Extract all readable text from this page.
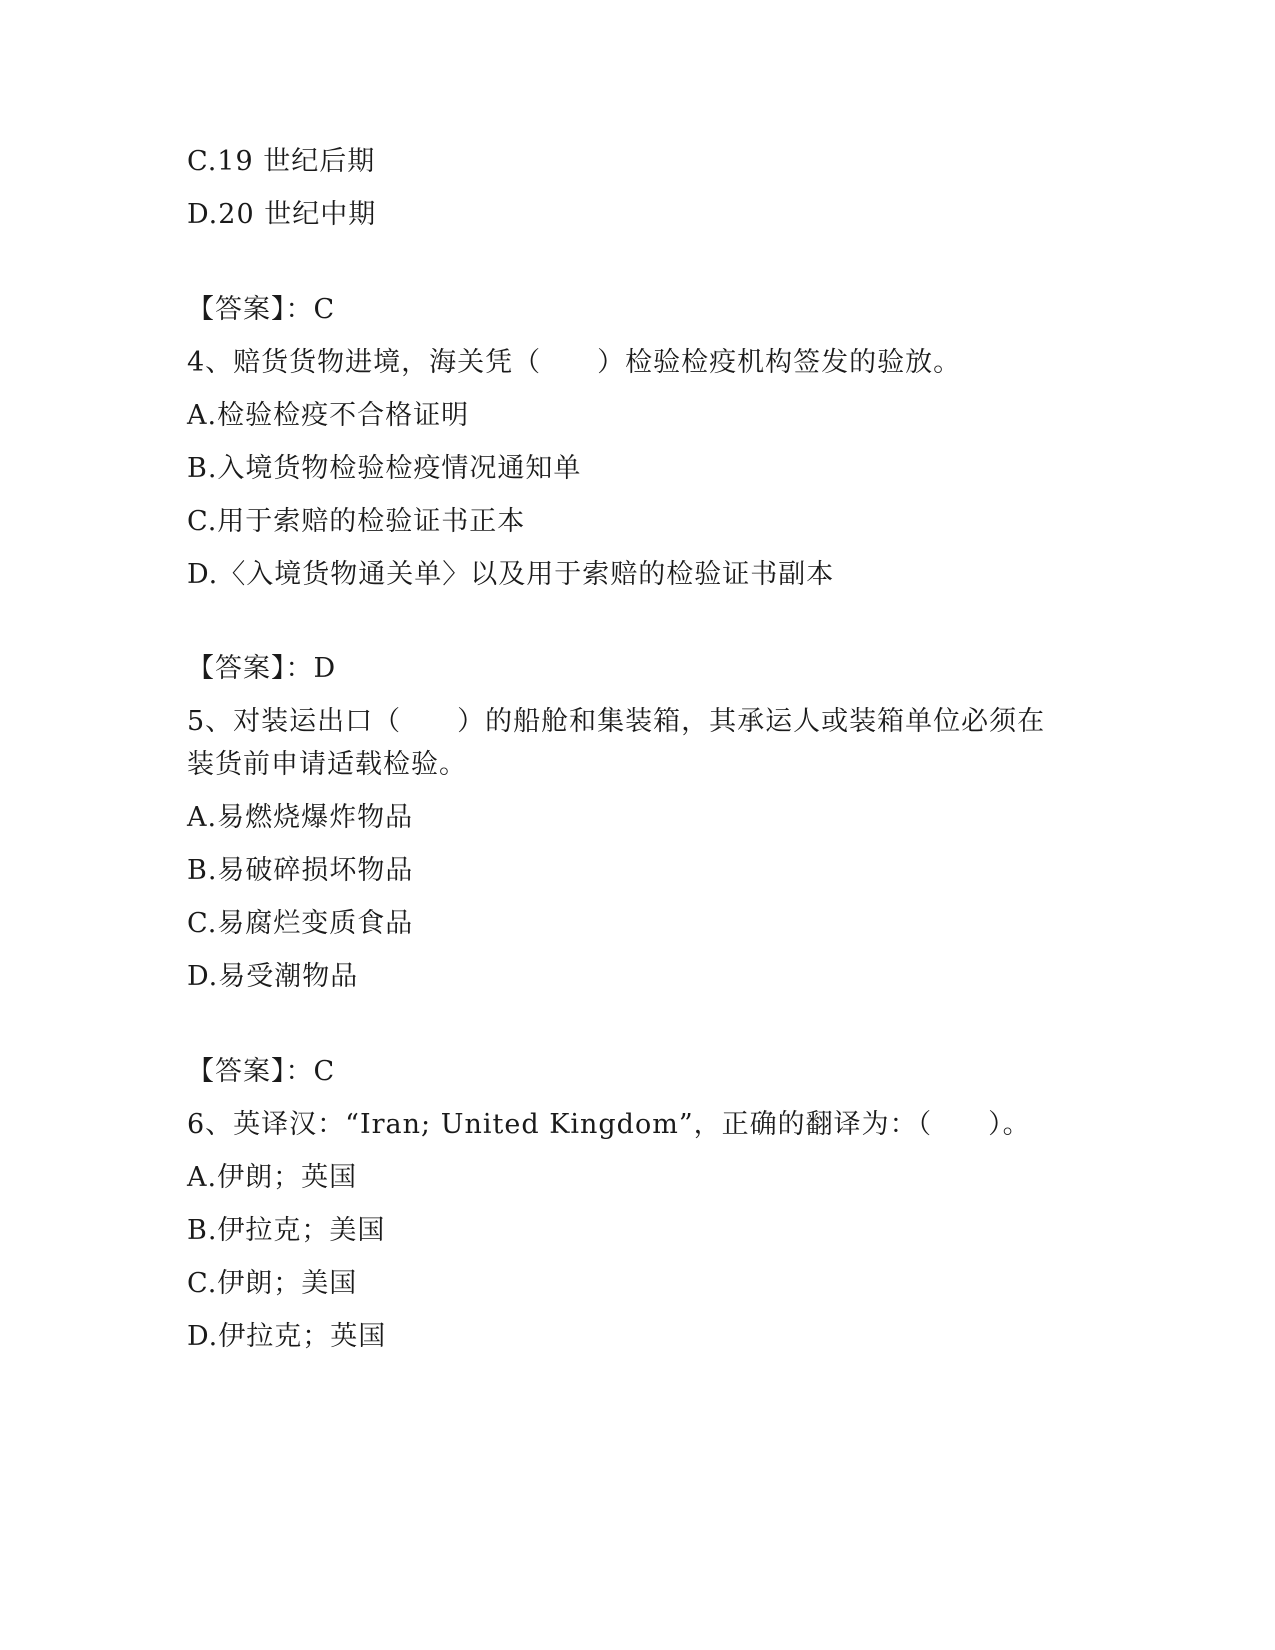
C.19 世纪后期
D.20 世纪中期
【答案】：C
4、赔货货物进境，海关凭（　　）检验检疫机构签发的验放。
A.检验检疫不合格证明
B.入境货物检验检疫情况通知单
C.用于索赔的检验证书正本
D.〈入境货物通关单〉以及用于索赔的检验证书副本
【答案】：D
5、对装运出口（　　）的船舱和集装箱，其承运人或装箱单位必须在
装货前申请适载检验。
A.易燃烧爆炸物品
B.易破碎损坏物品
C.易腐烂变质食品
D.易受潮物品
【答案】：C
6、英译汉：“Iran; United Kingdom”，正确的翻译为：（　　）。
A.伊朗；英国
B.伊拉克；美国
C.伊朗；美国
D.伊拉克；英国
